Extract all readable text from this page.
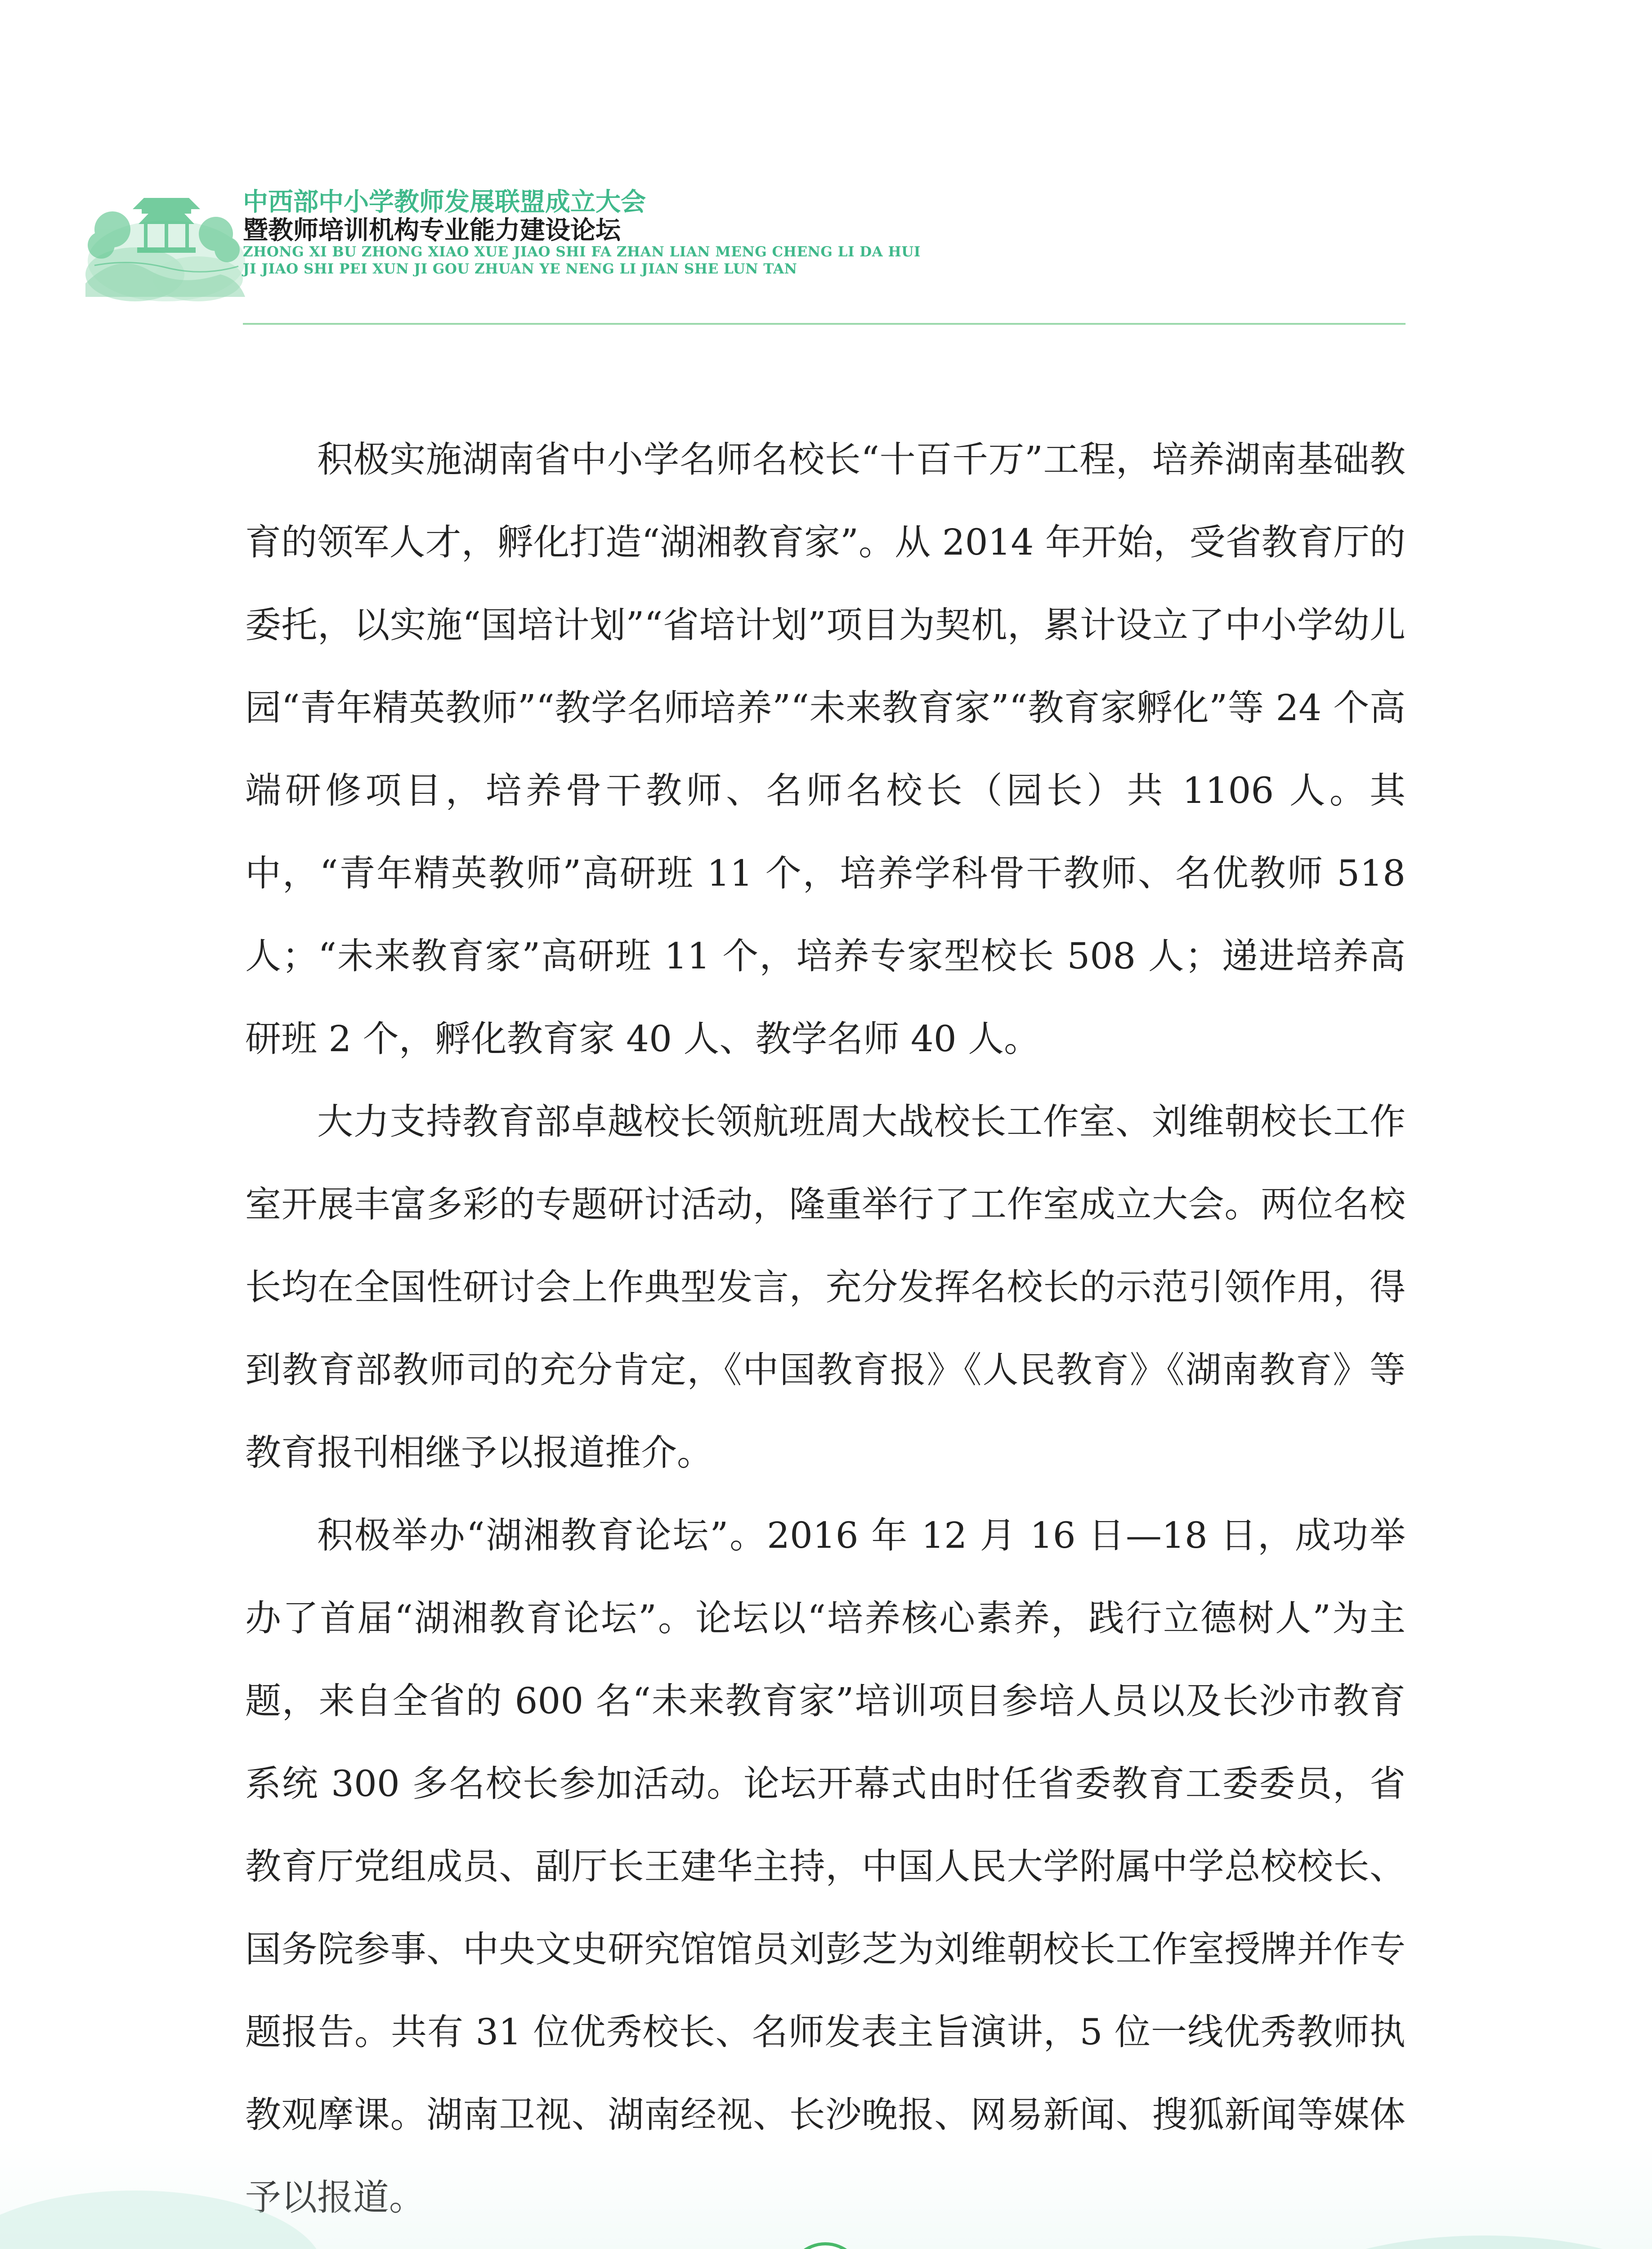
中西部中小学教师发展联盟成立大会
暨教师培训机构专业能力建设论坛
ZHONG XI BU ZHONG XIAO XUE JIAO SHI FA ZHAN LIAN MENG CHENG LI DA HUI
JI JIAO SHI PEI XUN JI GOU ZHUAN YE NENG LI JIAN SHE LUN TAN

积极实施湖南省中小学名师名校长“十百千万”工程，培养湖南基础教育的领军人才，孵化打造“湖湘教育家”。从 2014 年开始，受省教育厅的委托，以实施“国培计划”“省培计划”项目为契机，累计设立了中小学幼儿园“青年精英教师”“教学名师培养”“未来教育家”“教育家孵化”等 24 个高端研修项目，培养骨干教师、名师名校长（园长）共 1106 人。其中，“青年精英教师”高研班 11 个，培养学科骨干教师、名优教师 518 人；“未来教育家”高研班 11 个，培养专家型校长 508 人；递进培养高研班 2 个，孵化教育家 40 人、教学名师 40 人。

大力支持教育部卓越校长领航班周大战校长工作室、刘维朝校长工作室开展丰富多彩的专题研讨活动，隆重举行了工作室成立大会。两位名校长均在全国性研讨会上作典型发言，充分发挥名校长的示范引领作用，得到教育部教师司的充分肯定，《中国教育报》《人民教育》《湖南教育》等教育报刊相继予以报道推介。

积极举办“湖湘教育论坛”。2016 年 12 月 16 日—18 日，成功举办了首届“湖湘教育论坛”。论坛以“培养核心素养，践行立德树人”为主题，来自全省的 600 名“未来教育家”培训项目参培人员以及长沙市教育系统 300 多名校长参加活动。论坛开幕式由时任省委教育工委委员，省教育厅党组成员、副厅长王建华主持，中国人民大学附属中学总校校长、国务院参事、中央文史研究馆馆员刘彭芝为刘维朝校长工作室授牌并作专题报告。共有 31 位优秀校长、名师发表主旨演讲，5 位一线优秀教师执教观摩课。湖南卫视、湖南经视、长沙晚报、网易新闻、搜狐新闻等媒体
